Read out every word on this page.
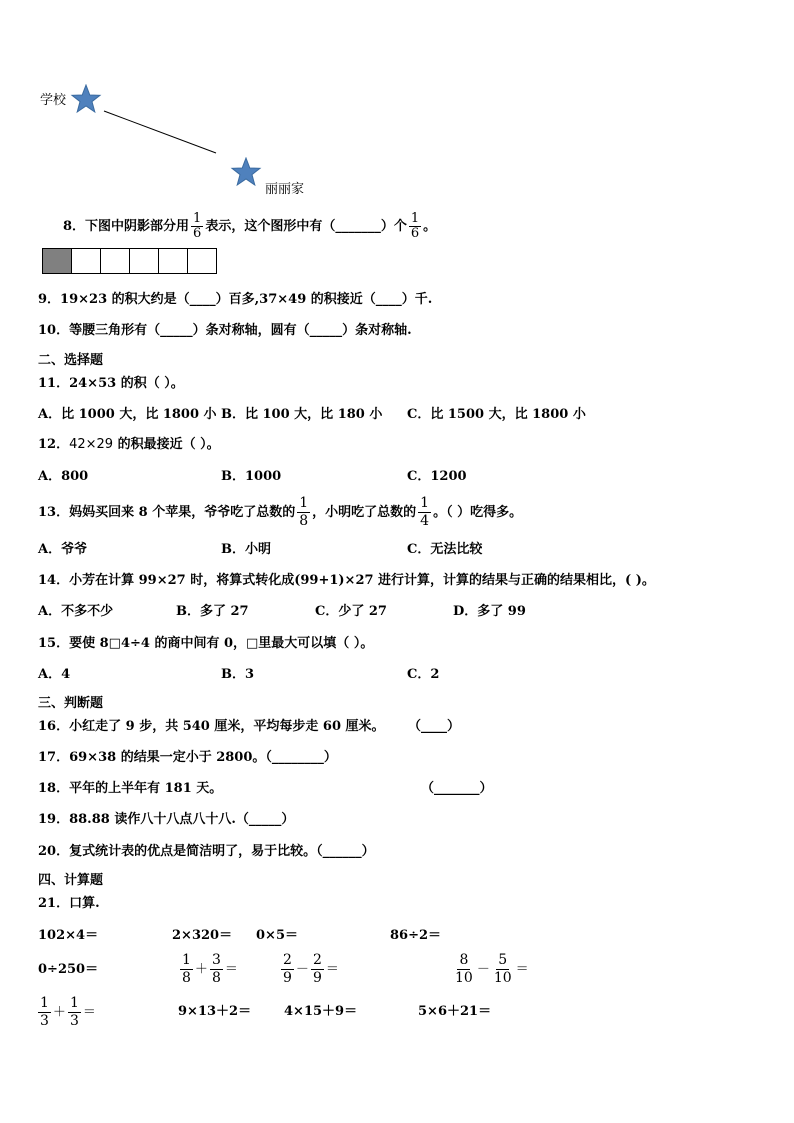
学校
丽丽家
8．下图中阴影部分用 $\frac{1}{6}$ 表示，这个图形中有（_______）个 $\frac{1}{6}$ 。
9．19×23 的积大约是（____）百多,37×49 的积接近（____）千.
10．等腰三角形有（_____）条对称轴，圆有（_____）条对称轴.
二、选择题
11．24×53 的积（ ）。
A．比 1000 大，比 1800 小 B．比 100 大，比 180 小 C．比 1500 大，比 1800 小
12．42×29 的积最接近（ ）。
A．800	B．1000	C．1200
13．妈妈买回来 8 个苹果，爷爷吃了总数的 $\frac{1}{8}$ ，小明吃了总数的 $\frac{1}{4}$ 。（ ）吃得多。
A．爷爷	B．小明	C．无法比较
14．小芳在计算 99×27 时，将算式转化成(99+1)×27 进行计算，计算的结果与正确的结果相比，( )。
A．不多不少	B．多了 27	C．少了 27	D．多了 99
15．要使 8□4÷4 的商中间有 0，□里最大可以填（ ）。
A．4	B．3	C．2
三、判断题
16．小红走了 9 步，共 540 厘米，平均每步走 60 厘米。 （____）
17．69×38 的结果一定小于 2800。（________）
18．平年的上半年有 181 天。	（_______）
19．88.88 读作八十八点八十八.（_____）
20．复式统计表的优点是简洁明了，易于比较。（______）
四、计算题
21．口算.
102×4＝	2×320＝ 0×5＝	86÷2＝
0÷250＝	$\frac{1}{8} + \frac{3}{8}$ ＝	$\frac{2}{9} - \frac{2}{9}$ ＝	$\frac{8}{10} - \frac{5}{10}$ ＝
$\frac{1}{3} + \frac{1}{3}$ ＝	9×13＋2＝	4×15＋9＝	5×6＋21＝
